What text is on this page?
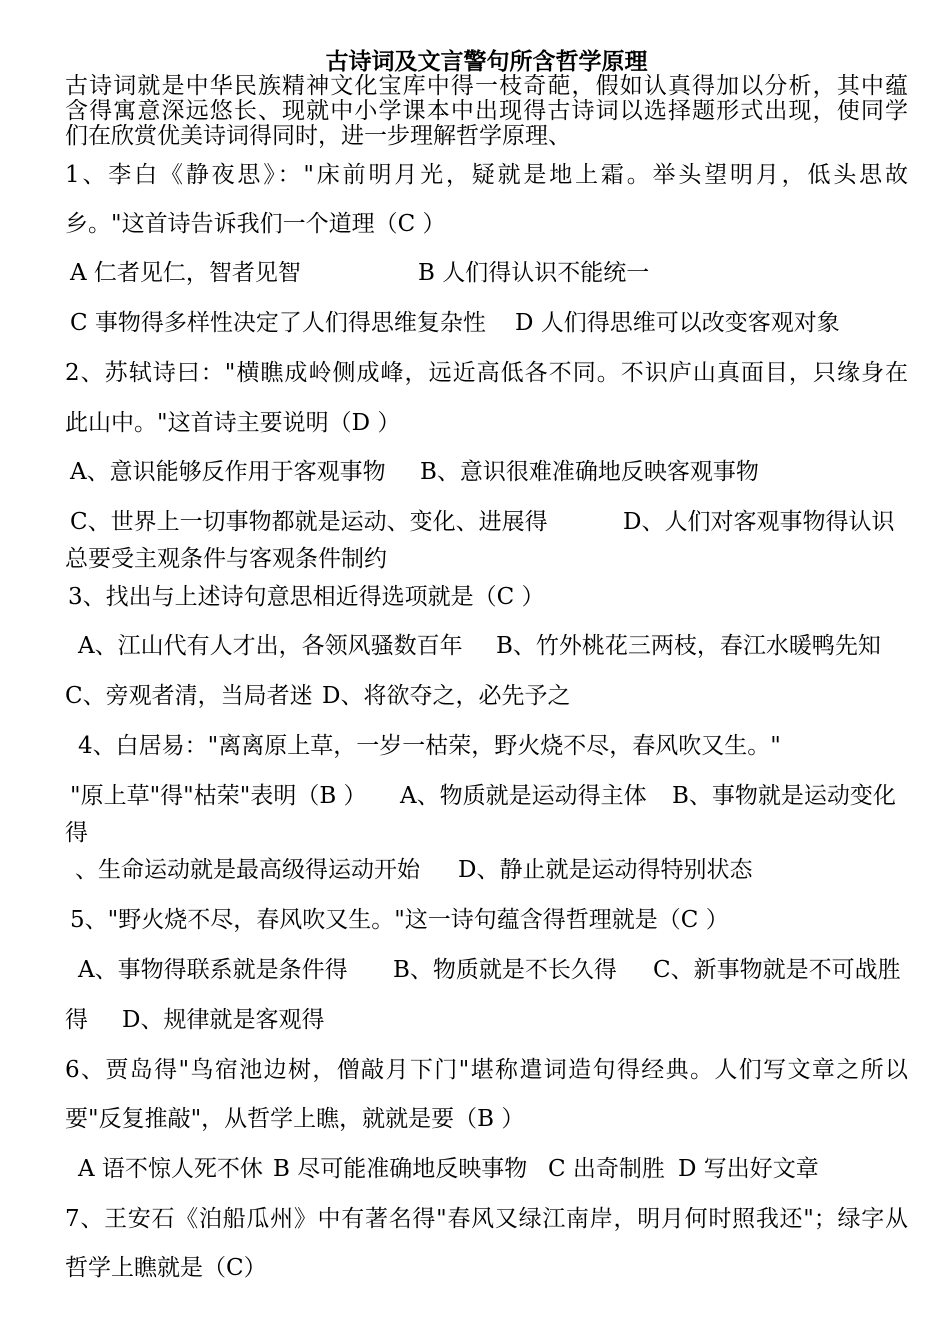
古诗词及文言警句所含哲学原理
古诗词就是中华民族精神文化宝库中得一枝奇葩，假如认真得加以分析，其中蕴
含得寓意深远悠长、现就中小学课本中出现得古诗词以选择题形式出现，使同学
们在欣赏优美诗词得同时，进一步理解哲学原理、
1、李白《静夜思》："床前明月光，疑就是地上霜。举头望明月，低头思故
乡。"这首诗告诉我们一个道理（C ）
A 仁者见仁，智者见智	B 人们得认识不能统一
C 事物得多样性决定了人们得思维复杂性 D 人们得思维可以改变客观对象
2、苏轼诗曰："横瞧成岭侧成峰，远近高低各不同。不识庐山真面目，只缘身在
此山中。"这首诗主要说明（D ）
A、意识能够反作用于客观事物 B、意识很难准确地反映客观事物
C、世界上一切事物都就是运动、变化、进展得	D、人们对客观事物得认识
总要受主观条件与客观条件制约
3、找出与上述诗句意思相近得选项就是（C ）
A、江山代有人才出，各领风骚数百年 B、竹外桃花三两枝，春江水暖鸭先知
C、旁观者清，当局者迷 D、将欲夺之，必先予之
4、白居易："离离原上草，一岁一枯荣，野火烧不尽，春风吹又生。"
"原上草"得"枯荣"表明（B ） A、物质就是运动得主体 B、事物就是运动变化
得
、生命运动就是最高级得运动开始 D、静止就是运动得特别状态
5、"野火烧不尽，春风吹又生。"这一诗句蕴含得哲理就是（C ）
A、事物得联系就是条件得 B、物质就是不长久得 C、新事物就是不可战胜
得 D、规律就是客观得
6、贾岛得"鸟宿池边树，僧敲月下门"堪称遣词造句得经典。人们写文章之所以
要"反复推敲"，从哲学上瞧，就就是要（B ）
A 语不惊人死不休 B 尽可能准确地反映事物 C 出奇制胜 D 写出好文章
7、王安石《泊船瓜州》中有著名得"春风又绿江南岸，明月何时照我还"；绿字从
哲学上瞧就是（C）
